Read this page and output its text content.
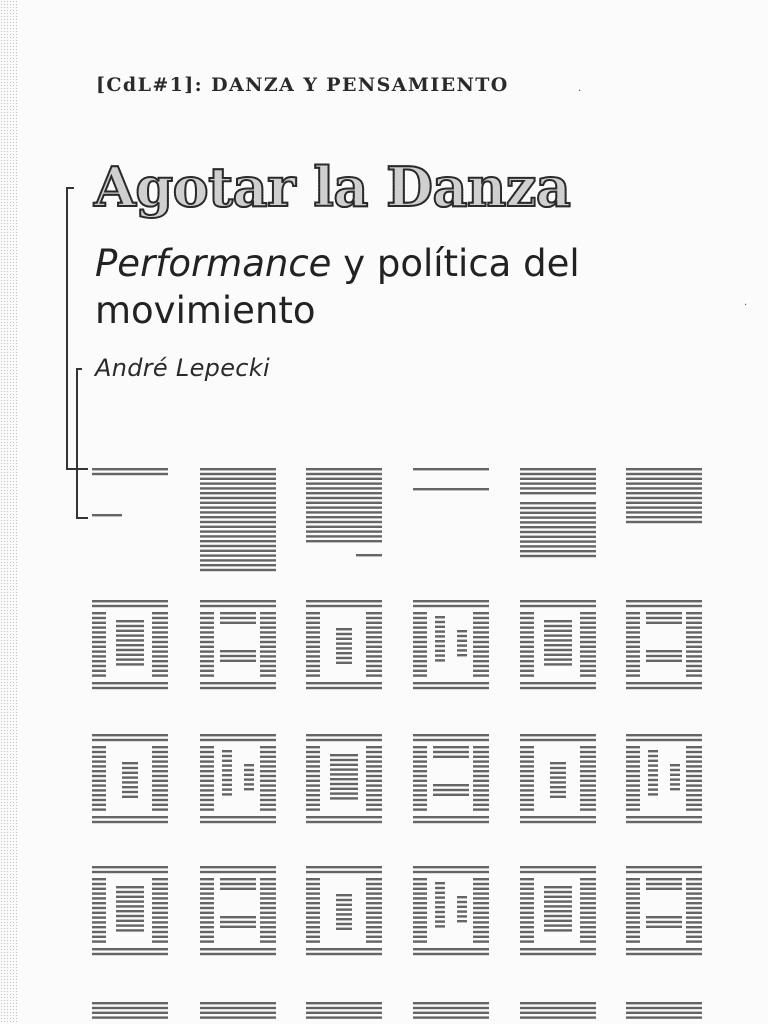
[CdL#1]: DANZA Y PENSAMIENTO
Agotar la Danza
Performance y política del movimiento
André Lepecki
·
·
